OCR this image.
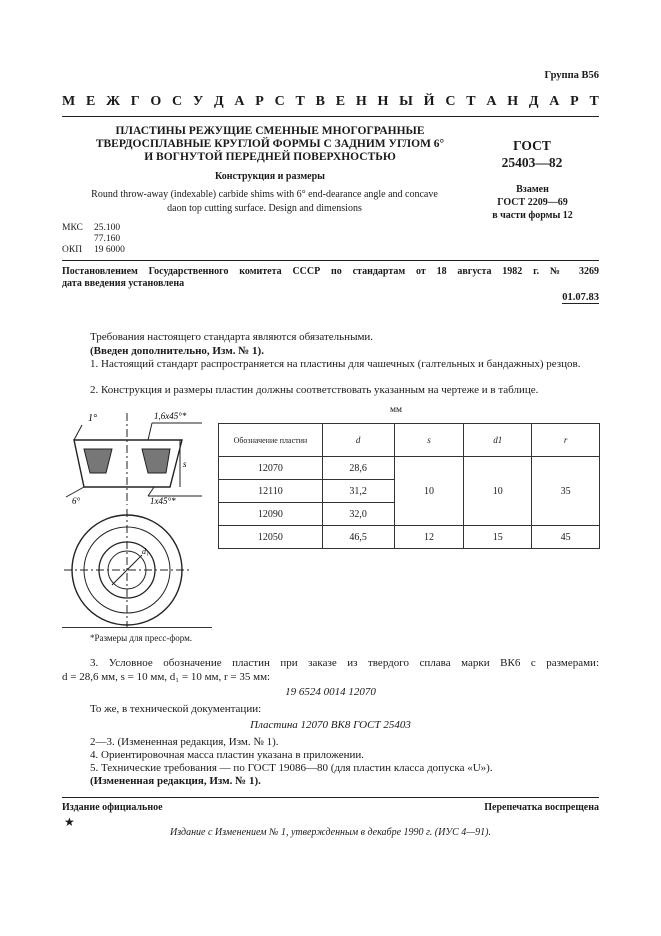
Группа В56
М Е Ж Г О С У Д А Р С Т В Е Н Н Ы Й С Т А Н Д А Р Т
ПЛАСТИНЫ РЕЖУЩИЕ СМЕННЫЕ МНОГОГРАННЫЕ
ТВЕРДОСПЛАВНЫЕ КРУГЛОЙ ФОРМЫ С ЗАДНИМ УГЛОМ 6°
И ВОГНУТОЙ ПЕРЕДНЕЙ ПОВЕРХНОСТЬЮ
Конструкция и размеры
Round throw-away (indexable) carbide shims with 6° end-dearance angle and concave
daon top cutting surface. Design and dimensions
ГОСТ
25403—82
Взамен
ГОСТ 2209—69
в части формы 12
МКС	25.100
77.160
ОКП	19 6000
Постановлением Государственного комитета СССР по стандартам от 18 августа 1982 г. № 3269
дата введения установлена
01.07.83
Требования настоящего стандарта являются обязательными.
(Введен дополнительно, Изм. № 1).
1. Настоящий стандарт распространяется на пластины для чашечных (галтельных и бандажных) резцов.
2. Конструкция и размеры пластин должны соответствовать указанным на чертеже и в таблице.
1°	1,6x45°*
1x45°*
6°
s
d₁
мм
Обозначение пластин	d	s	d1	r
12070	28,6	10	10	35
12110	31,2			
12090	32,0			
12050	46,5	12	15	45
*Размеры для пресс-форм.
3. Условное обозначение пластин при заказе из твердого сплава марки ВК6 с размерами:
d = 28,6 мм, s = 10 мм, d₁ = 10 мм, r = 35 мм:
19 6524 0014 12070
То же, в технической документации:
Пластина 12070 ВК8 ГОСТ 25403
2—3. (Измененная редакция, Изм. № 1).
4. Ориентировочная масса пластин указана в приложении.
5. Технические требования — по ГОСТ 19086—80 (для пластин класса допуска «U»).
(Измененная редакция, Изм. № 1).
Издание официальное	Перепечатка воспрещена
★
Издание с Изменением № 1, утвержденным в декабре 1990 г. (ИУС 4—91).
